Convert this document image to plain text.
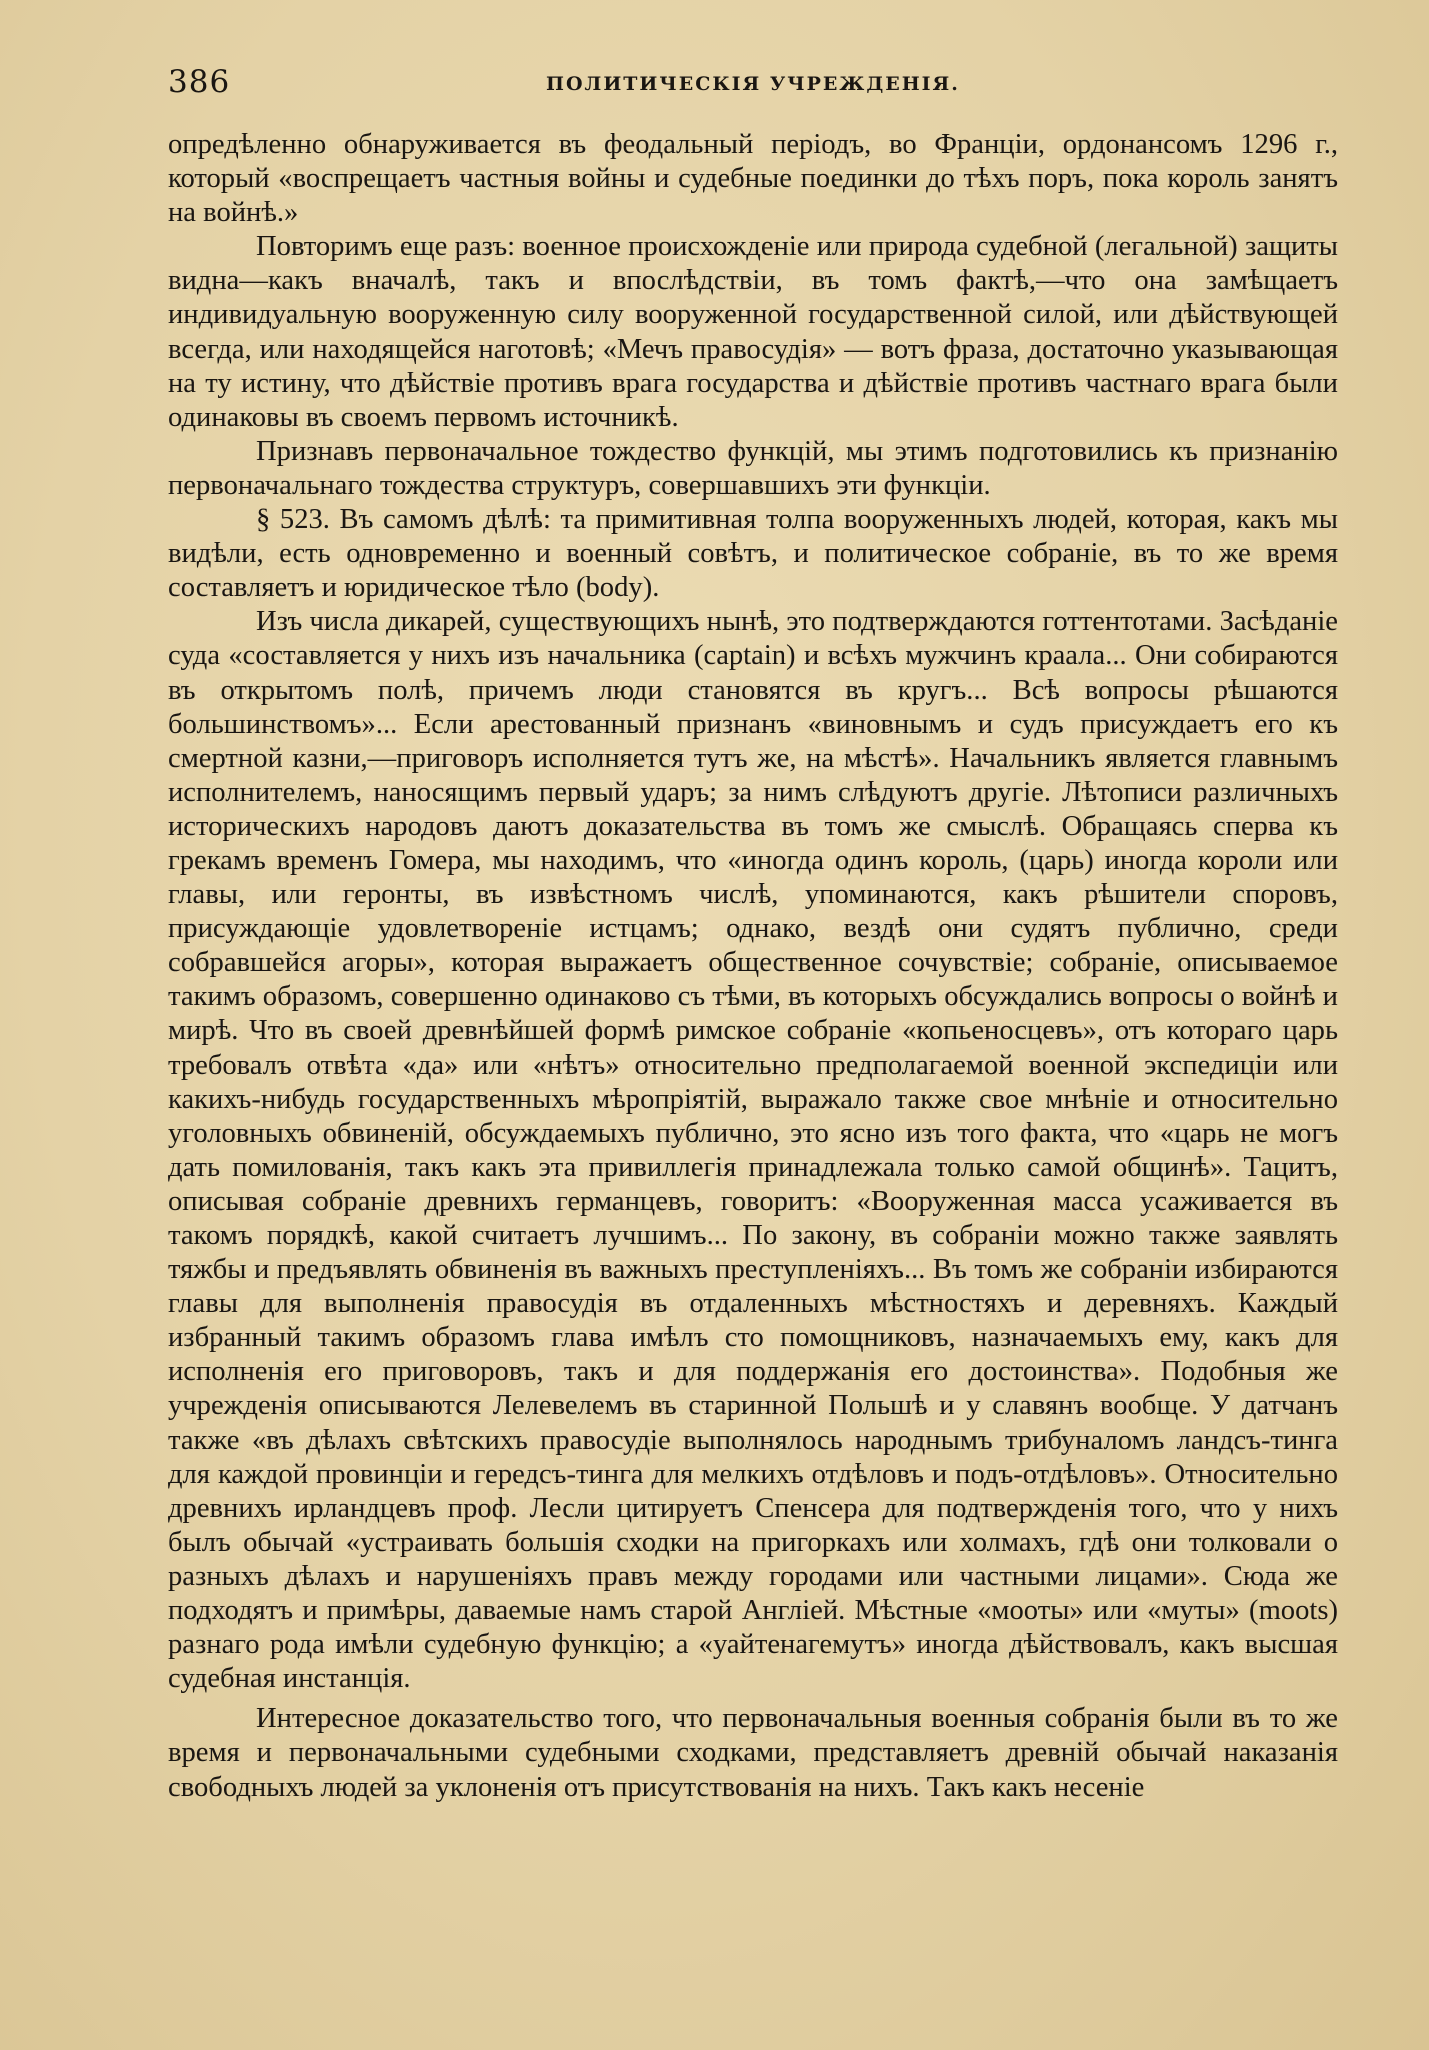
386	ПОЛИТИЧЕСКІЯ УЧРЕЖДЕНІЯ.

опредѣленно обнаруживается въ феодальный періодъ, во Франціи, ордонансомъ 1296 г., который «воспрещаетъ частныя войны и судебные поединки до тѣхъ поръ, пока король занятъ на войнѣ.»

Повторимъ еще разъ: военное происхожденіе или природа судебной (легальной) защиты видна—какъ вначалѣ, такъ и впослѣдствіи, въ томъ фактѣ,—что она замѣщаетъ индивидуальную вооруженную силу вооруженной государственной силой, или дѣйствующей всегда, или находящейся наготовѣ; «Мечъ правосудія» — вотъ фраза, достаточно указывающая на ту истину, что дѣйствіе противъ врага государства и дѣйствіе противъ частнаго врага были одинаковы въ своемъ первомъ источникѣ.

Признавъ первоначальное тождество функцій, мы этимъ подготовились къ признанію первоначальнаго тождества структуръ, совершавшихъ эти функціи.

§ 523. Въ самомъ дѣлѣ: та примитивная толпа вооруженныхъ людей, которая, какъ мы видѣли, есть одновременно и военный совѣтъ, и политическое собраніе, въ то же время составляетъ и юридическое тѣло (body).

Изъ числа дикарей, существующихъ нынѣ, это подтверждаются готтентотами. Засѣданіе суда «составляется у нихъ изъ начальника (captain) и всѣхъ мужчинъ краала... Они собираются въ открытомъ полѣ, причемъ люди становятся въ кругъ... Всѣ вопросы рѣшаются большинствомъ»... Если арестованный признанъ «виновнымъ и судъ присуждаетъ его къ смертной казни,—приговоръ исполняется тутъ же, на мѣстѣ». Начальникъ является главнымъ исполнителемъ, наносящимъ первый ударъ; за нимъ слѣдуютъ другіе. Лѣтописи различныхъ историческихъ народовъ даютъ доказательства въ томъ же смыслѣ. Обращаясь сперва къ грекамъ временъ Гомера, мы находимъ, что «иногда одинъ король, (царь) иногда короли или главы, или геронты, въ извѣстномъ числѣ, упоминаются, какъ рѣшители споровъ, присуждающіе удовлетвореніе истцамъ; однако, вездѣ они судятъ публично, среди собравшейся агоры», которая выражаетъ общественное сочувствіе; собраніе, описываемое такимъ образомъ, совершенно одинаково съ тѣми, въ которыхъ обсуждались вопросы о войнѣ и мирѣ. Что въ своей древнѣйшей формѣ римское собраніе «копьеносцевъ», отъ котораго царь требовалъ отвѣта «да» или «нѣтъ» относительно предполагаемой военной экспедиціи или какихъ-нибудь государственныхъ мѣропріятій, выражало также свое мнѣніе и относительно уголовныхъ обвиненій, обсуждаемыхъ публично, это ясно изъ того факта, что «царь не могъ дать помилованія, такъ какъ эта привиллегія принадлежала только самой общинѣ». Тацитъ, описывая собраніе древнихъ германцевъ, говоритъ: «Вооруженная масса усаживается въ такомъ порядкѣ, какой считаетъ лучшимъ... По закону, въ собраніи можно также заявлять тяжбы и предъявлять обвиненія въ важныхъ преступленіяхъ... Въ томъ же собраніи избираются главы для выполненія правосудія въ отдаленныхъ мѣстностяхъ и деревняхъ. Каждый избранный такимъ образомъ глава имѣлъ сто помощниковъ, назначаемыхъ ему, какъ для исполненія его приговоровъ, такъ и для поддержанія его достоинства». Подобныя же учрежденія описываются Лелевелемъ въ старинной Польшѣ и у славянъ вообще. У датчанъ также «въ дѣлахъ свѣтскихъ правосудіе выполнялось народнымъ трибуналомъ ландсъ-тинга для каждой провинціи и гередсъ-тинга для мелкихъ отдѣловъ и подъ-отдѣловъ». Относительно древнихъ ирландцевъ проф. Лесли цитируетъ Спенсера для подтвержденія того, что у нихъ былъ обычай «устраивать большія сходки на пригоркахъ или холмахъ, гдѣ они толковали о разныхъ дѣлахъ и нарушеніяхъ правъ между городами или частными лицами». Сюда же подходятъ и примѣры, даваемые намъ старой Англіей. Мѣстные «мооты» или «муты» (moots) разнаго рода имѣли судебную функцію; а «уайтенагемутъ» иногда дѣйствовалъ, какъ высшая судебная инстанція.

Интересное доказательство того, что первоначальныя военныя собранія были въ то же время и первоначальными судебными сходками, представляетъ древній обычай наказанія свободныхъ людей за уклоненія отъ присутствованія на нихъ. Такъ какъ несеніе
